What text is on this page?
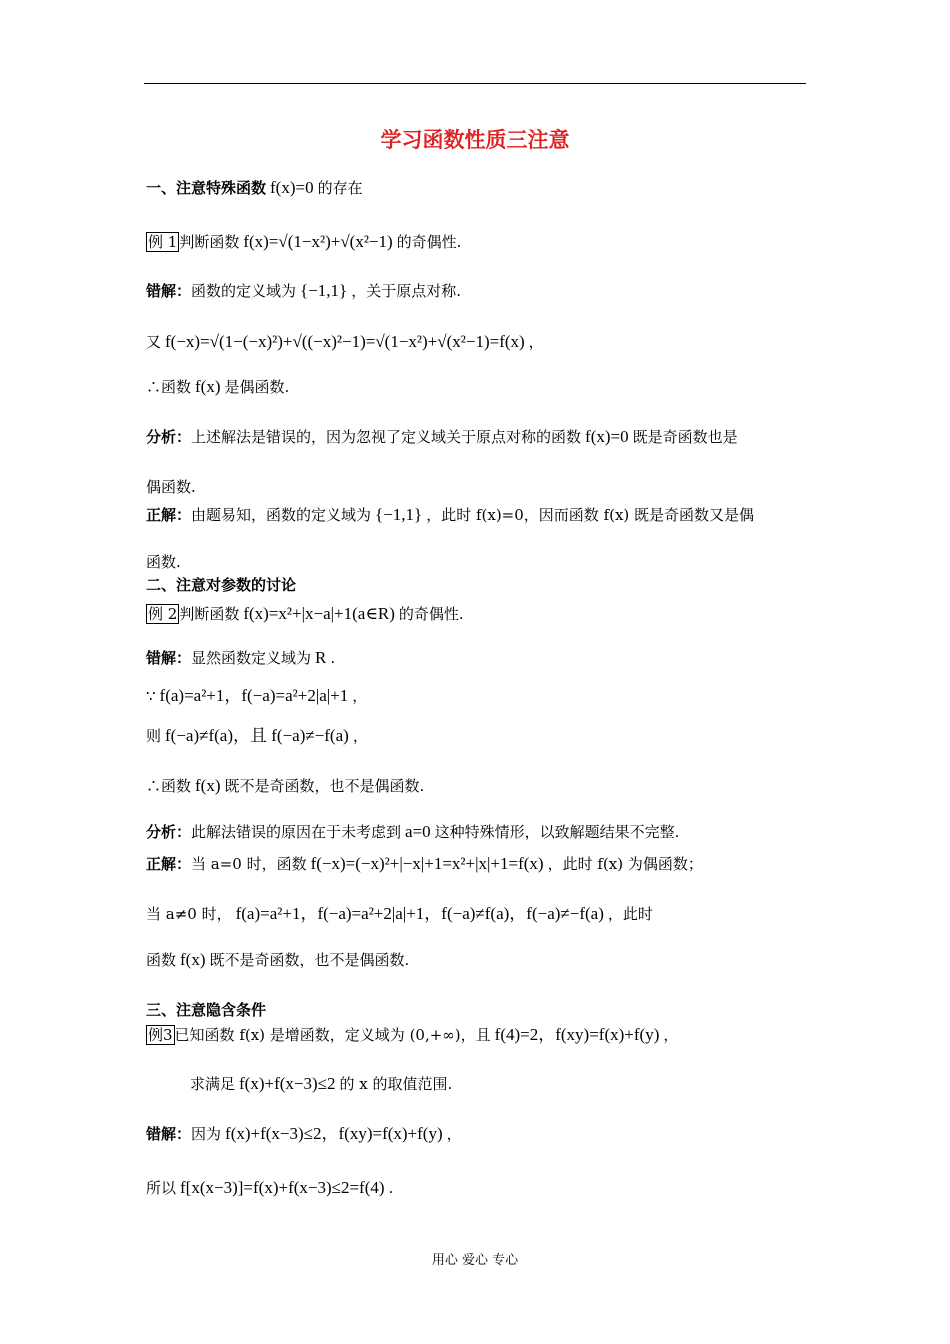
学习函数性质三注意
一、注意特殊函数 f(x)=0 的存在
例 1 判断函数 f(x)=√(1−x²)+√(x²−1) 的奇偶性.
错解：函数的定义域为 {−1,1} ，关于原点对称.
又 f(−x)=√(1−(−x)²)+√((−x)²−1)=√(1−x²)+√(x²−1)=f(x) ，
∴函数 f(x) 是偶函数.
分析：上述解法是错误的，因为忽视了定义域关于原点对称的函数 f(x)=0 既是奇函数也是
偶函数.
正解：由题易知，函数的定义域为 {−1,1} ，此时 f(x)=0，因而函数 f(x) 既是奇函数又是偶
函数.
二、注意对参数的讨论
例 2 判断函数 f(x)=x²+|x−a|+1(a∈R) 的奇偶性.
错解：显然函数定义域为 R .
∵ f(a)=a²+1，f(−a)=a²+2|a|+1 ，
则 f(−a)≠f(a)，且 f(−a)≠−f(a) ，
∴函数 f(x) 既不是奇函数，也不是偶函数.
分析：此解法错误的原因在于未考虑到 a=0 这种特殊情形，以致解题结果不完整.
正解：当 a=0 时，函数 f(−x)=(−x)²+|−x|+1=x²+|x|+1=f(x) ，此时 f(x) 为偶函数；
当 a≠0 时， f(a)=a²+1，f(−a)=a²+2|a|+1，f(−a)≠f(a)，f(−a)≠−f(a) ，此时
函数 f(x) 既不是奇函数，也不是偶函数.
三、注意隐含条件
例3 已知函数 f(x) 是增函数，定义域为 (0,+∞)，且 f(4)=2，f(xy)=f(x)+f(y) ，
求满足 f(x)+f(x−3)≤2 的 x 的取值范围.
错解：因为 f(x)+f(x−3)≤2，f(xy)=f(x)+f(y) ，
所以 f[x(x−3)]=f(x)+f(x−3)≤2=f(4) .
用心 爱心 专心
